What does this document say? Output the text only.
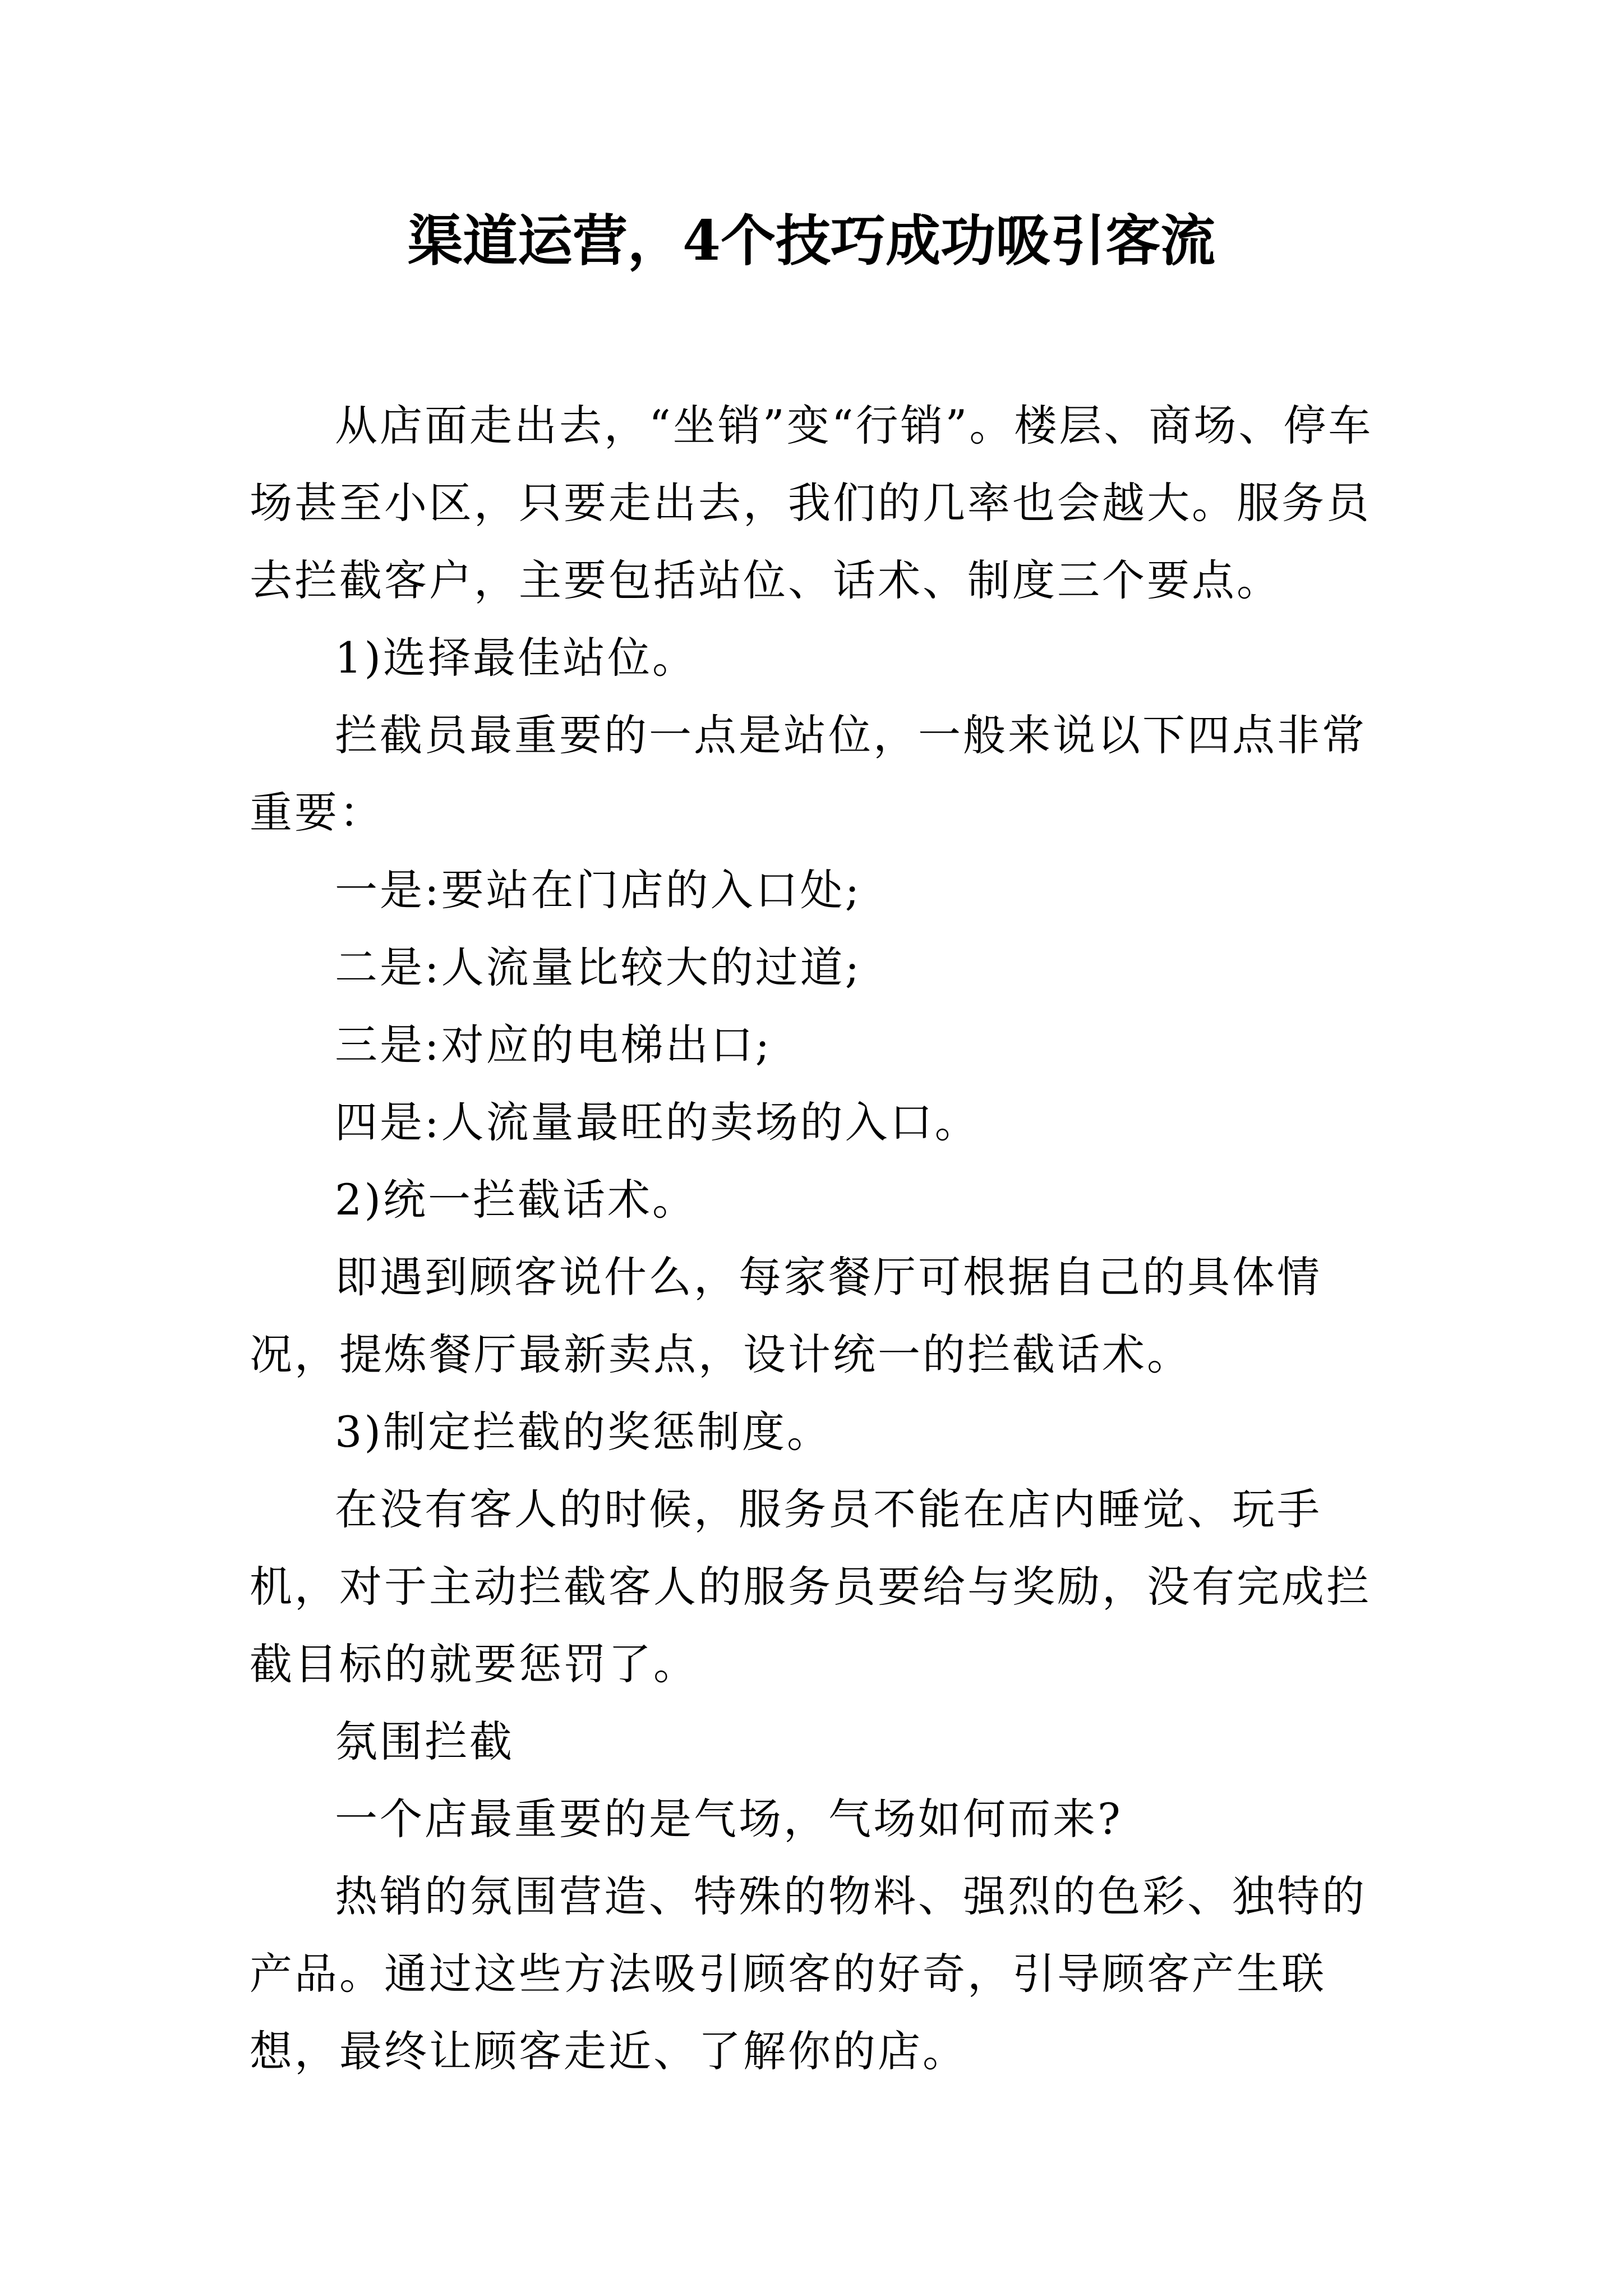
渠道运营，4个技巧成功吸引客流

从店面走出去，“坐销”变“行销”。楼层、商场、停车场甚至小区，只要走出去，我们的几率也会越大。服务员去拦截客户，主要包括站位、话术、制度三个要点。

1)选择最佳站位。

拦截员最重要的一点是站位，一般来说以下四点非常重要：

一是:要站在门店的入口处;

二是:人流量比较大的过道;

三是:对应的电梯出口;

四是:人流量最旺的卖场的入口。

2)统一拦截话术。

即遇到顾客说什么，每家餐厅可根据自己的具体情况，提炼餐厅最新卖点，设计统一的拦截话术。

3)制定拦截的奖惩制度。

在没有客人的时候，服务员不能在店内睡觉、玩手机，对于主动拦截客人的服务员要给与奖励，没有完成拦截目标的就要惩罚了。

氛围拦截

一个店最重要的是气场，气场如何而来?

热销的氛围营造、特殊的物料、强烈的色彩、独特的产品。通过这些方法吸引顾客的好奇，引导顾客产生联想，最终让顾客走近、了解你的店。
